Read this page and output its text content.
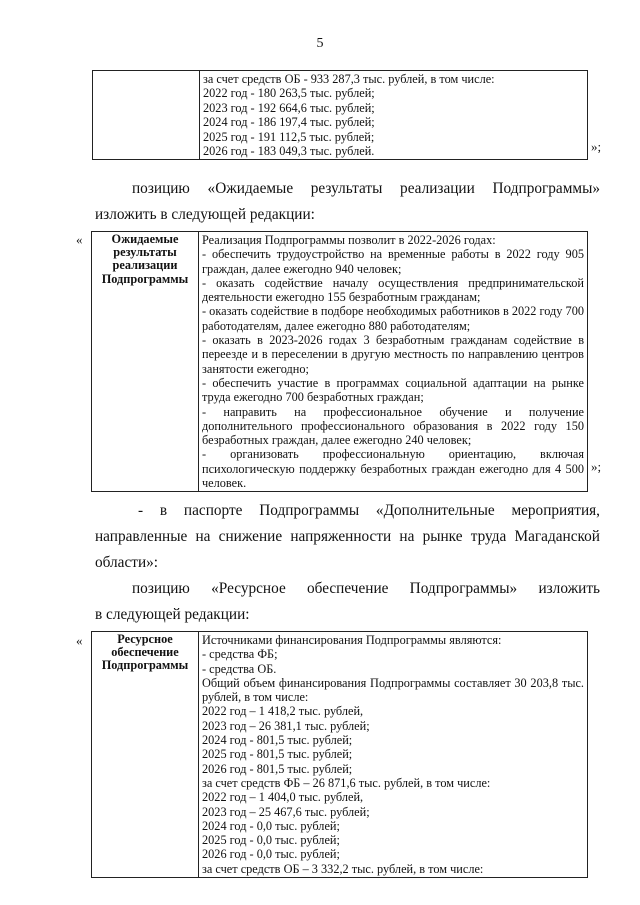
5

за счет средств ОБ - 933 287,3 тыс. рублей, в том числе:
2022 год - 180 263,5 тыс. рублей;
2023 год - 192 664,6 тыс. рублей;
2024 год - 186 197,4 тыс. рублей;
2025 год - 191 112,5 тыс. рублей;
2026 год - 183 049,3 тыс. рублей.	»;
позицию «Ожидаемые результаты реализации Подпрограммы»
изложить в следующей редакции:
« Ожидаемые результаты реализации Подпрограммы	
Реализация Подпрограммы позволит в 2022-2026 годах:
- обеспечить трудоустройство на временные работы в 2022 году 905 граждан, далее ежегодно 940 человек;
- оказать содействие началу осуществления предпринимательской деятельности ежегодно 155 безработным гражданам;
- оказать содействие в подборе необходимых работников в 2022 году 700 работодателям, далее ежегодно 880 работодателям;
- оказать в 2023-2026 годах 3 безработным гражданам содействие в переезде и в переселении в другую местность по направлению центров занятости ежегодно;
- обеспечить участие в программах социальной адаптации на рынке труда ежегодно 700 безработных граждан;
- направить на профессиональное обучение и получение дополнительного профессионального образования в 2022 году 150 безработных граждан, далее ежегодно 240 человек;
- организовать профессиональную ориентацию, включая психологическую поддержку безработных граждан ежегодно для 4 500 человек.
»;
- в паспорте Подпрограммы «Дополнительные мероприятия,
направленные на снижение напряженности на рынке труда Магаданской
области»:
позицию «Ресурсное обеспечение Подпрограммы» изложить
в следующей редакции:
«	Ресурсное обеспечение Подпрограммы	
Источниками финансирования Подпрограммы являются:
- средства ФБ;
- средства ОБ.
Общий объем финансирования Подпрограммы составляет 30 203,8 тыс. рублей, в том числе:
2022 год – 1 418,2 тыс. рублей,
2023 год – 26 381,1 тыс. рублей;
2024 год - 801,5 тыс. рублей;
2025 год - 801,5 тыс. рублей;
2026 год - 801,5 тыс. рублей;
за счет средств ФБ – 26 871,6 тыс. рублей, в том числе:
2022 год – 1 404,0 тыс. рублей,
2023 год – 25 467,6 тыс. рублей;
2024 год - 0,0 тыс. рублей;
2025 год - 0,0 тыс. рублей;
2026 год - 0,0 тыс. рублей;
за счет средств ОБ – 3 332,2 тыс. рублей, в том числе:
